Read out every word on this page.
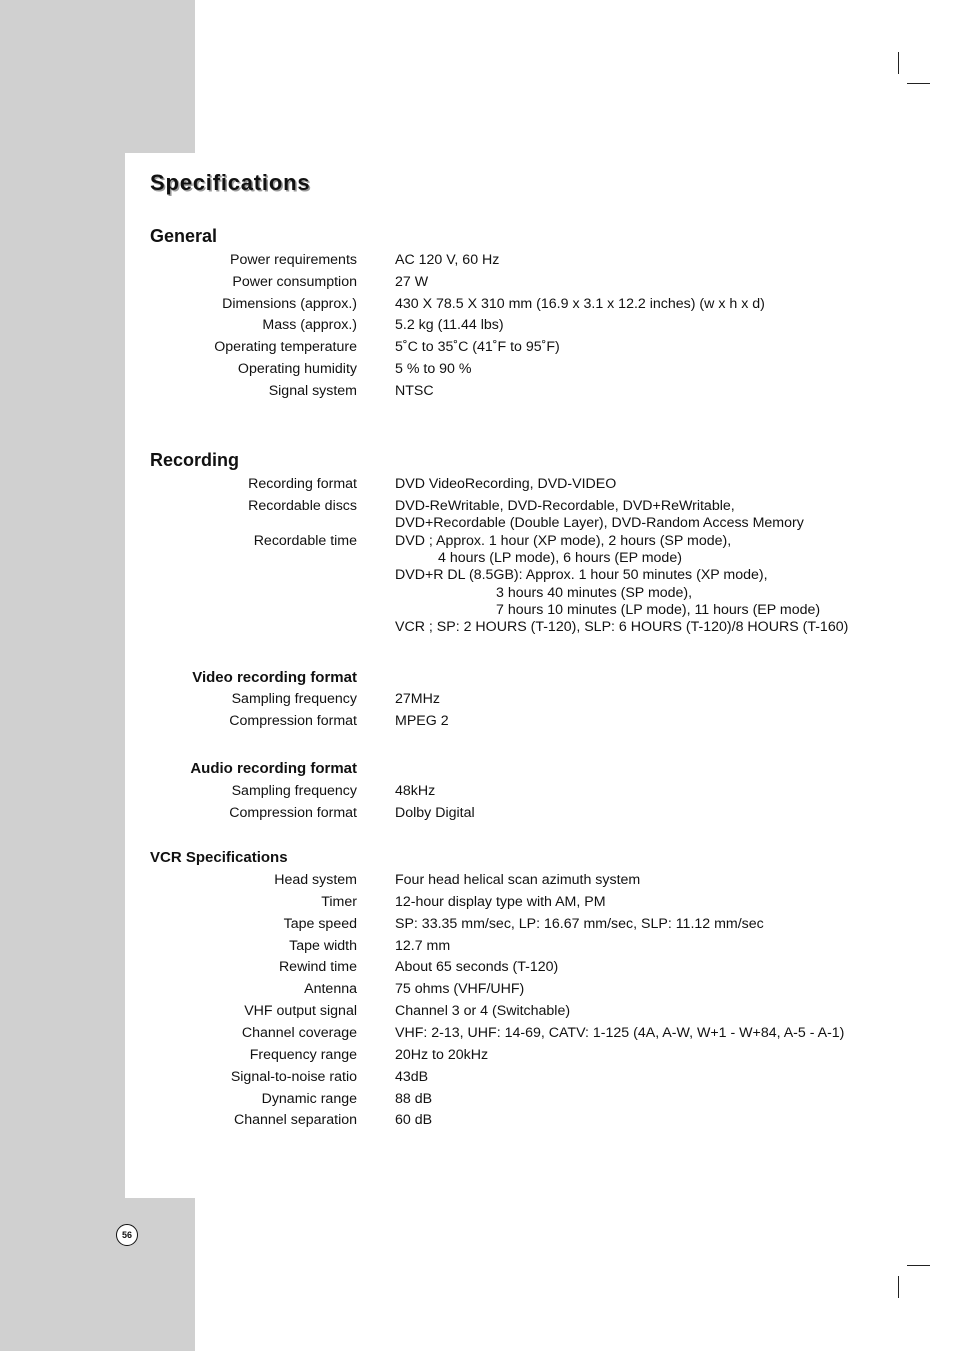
Specifications
General
Power requirements	AC 120 V, 60 Hz
Power consumption	27 W
Dimensions (approx.)	430 X 78.5 X 310 mm (16.9 x 3.1 x 12.2 inches) (w x h x d)
Mass (approx.)	5.2 kg (11.44 lbs)
Operating temperature	5˚C to 35˚C (41˚F to 95˚F)
Operating humidity	5 % to 90 %
Signal system	NTSC
Recording
Recording format	DVD VideoRecording, DVD-VIDEO
Recordable discs	DVD-ReWritable, DVD-Recordable, DVD+ReWritable,
DVD+Recordable (Double Layer), DVD-Random Access Memory
Recordable time	DVD ; Approx. 1 hour (XP mode), 2 hours (SP mode),
4 hours (LP mode), 6 hours (EP mode)
DVD+R DL (8.5GB): Approx. 1 hour 50 minutes (XP mode),
3 hours 40 minutes (SP mode),
7 hours 10 minutes (LP mode), 11 hours (EP mode)
VCR ; SP: 2 HOURS (T-120), SLP: 6 HOURS (T-120)/8 HOURS (T-160)
Video recording format
Sampling frequency	27MHz
Compression format	MPEG 2
Audio recording format
Sampling frequency	48kHz
Compression format	Dolby Digital
VCR Specifications
Head system	Four head helical scan azimuth system
Timer	12-hour display type with AM, PM
Tape speed	SP: 33.35 mm/sec, LP: 16.67 mm/sec, SLP: 11.12 mm/sec
Tape width	12.7 mm
Rewind time	About 65 seconds (T-120)
Antenna	75 ohms (VHF/UHF)
VHF output signal	Channel 3 or 4 (Switchable)
Channel coverage	VHF: 2-13, UHF: 14-69, CATV: 1-125 (4A, A-W, W+1 - W+84, A-5 - A-1)
Frequency range	20Hz to 20kHz
Signal-to-noise ratio	43dB
Dynamic range	88 dB
Channel separation	60 dB
56
